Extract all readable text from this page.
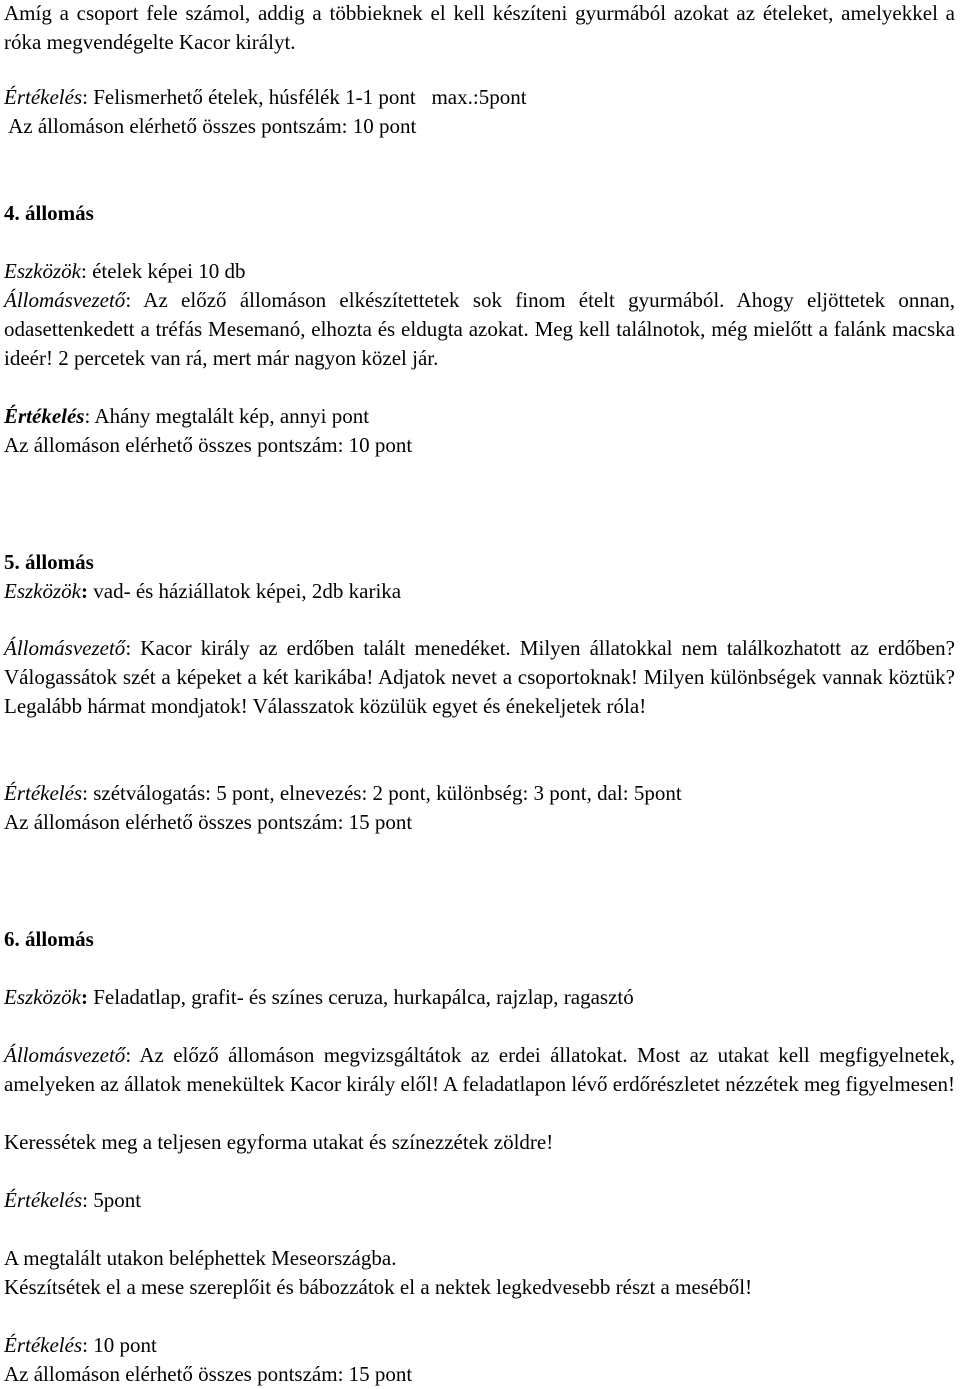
Amíg a csoport fele számol, addig a többieknek el kell készíteni gyurmából azokat az ételeket, amelyekkel a róka megvendégelte Kacor királyt.

Értékelés: Felismerhető ételek, húsfélék 1-1 pont   max.:5pont

Az állomáson elérhető összes pontszám: 10 pont

4. állomás

Eszközök: ételek képei 10 db

Állomásvezető: Az előző állomáson elkészítettetek sok finom ételt gyurmából. Ahogy eljöttetek onnan, odasettenkedett a tréfás Mesemanó, elhozta és eldugta azokat. Meg kell találnotok, még mielőtt a falánk macska ideér! 2 percetek van rá, mert már nagyon közel jár.

Értékelés: Ahány megtalált kép, annyi pont

Az állomáson elérhető összes pontszám: 10 pont

5. állomás

Eszközök: vad- és háziállatok képei, 2db karika

Állomásvezető: Kacor király az erdőben talált menedéket. Milyen állatokkal nem találkozhatott az erdőben? Válogassátok szét a képeket a két karikába! Adjatok nevet a csoportoknak! Milyen különbségek vannak köztük? Legalább hármat mondjatok! Válasszatok közülük egyet és énekeljetek róla!

Értékelés: szétválogatás: 5 pont, elnevezés: 2 pont, különbség: 3 pont, dal: 5pont

Az állomáson elérhető összes pontszám: 15 pont

6. állomás

Eszközök: Feladatlap, grafit- és színes ceruza, hurkapálca, rajzlap, ragasztó

Állomásvezető: Az előző állomáson megvizsgáltátok az erdei állatokat. Most az utakat kell megfigyelnetek, amelyeken az állatok menekültek Kacor király elől! A feladatlapon lévő erdőrészletet nézzétek meg figyelmesen!

Keressétek meg a teljesen egyforma utakat és színezzétek zöldre!

Értékelés: 5pont

A megtalált utakon beléphettek Meseországba.

Készítsétek el a mese szereplőit és bábozzátok el a nektek legkedvesebb részt a meséből!

Értékelés: 10 pont

Az állomáson elérhető összes pontszám: 15 pont
